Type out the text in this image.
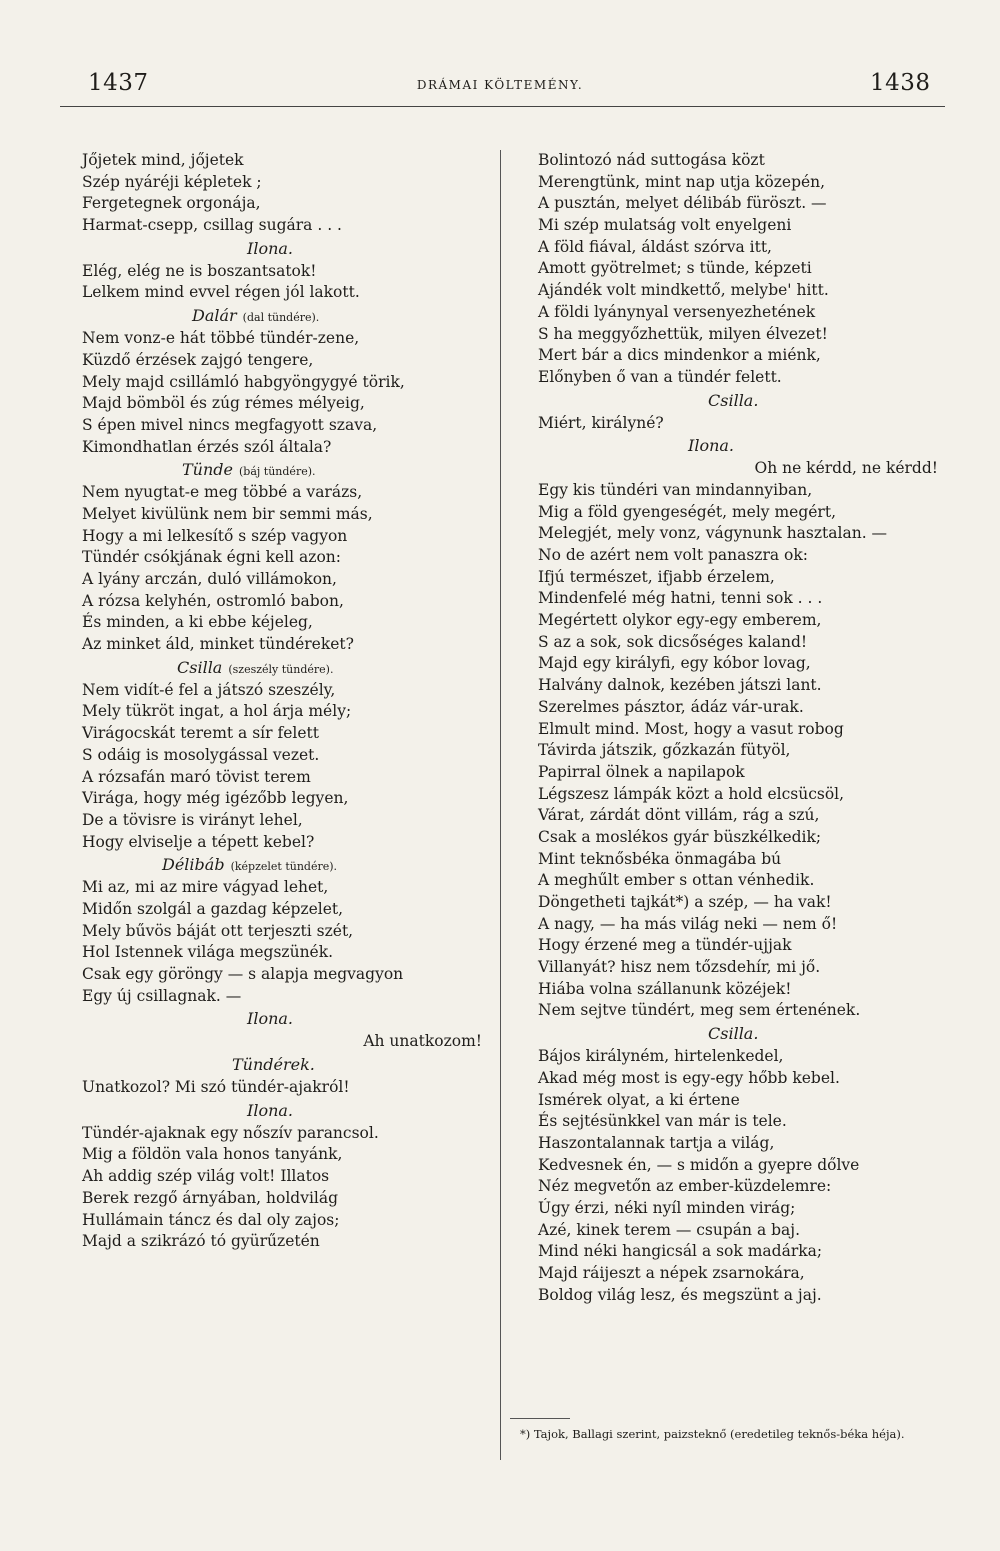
1437	DRÁMAI KÖLTEMÉNY.	1438
Jőjetek mind, jőjetek
Szép nyáréji képletek ;
Fergetegnek orgonája,
Harmat-csepp, csillag sugára . . .
Ilona.
Elég, elég ne is boszantsatok!
Lelkem mind evvel régen jól lakott.
Dalár (dal tündére).
Nem vonz-e hát többé tündér-zene,
Küzdő érzések zajgó tengere,
Mely majd csillámló habgyöngygyé törik,
Majd bömböl és zúg rémes mélyeig,
S épen mivel nincs megfagyott szava,
Kimondhatlan érzés szól általa?
Tünde (báj tündére).
Nem nyugtat-e meg többé a varázs,
Melyet kivülünk nem bir semmi más,
Hogy a mi lelkesítő s szép vagyon
Tündér csókjának égni kell azon:
A lyány arczán, duló villámokon,
A rózsa kelyhén, ostromló babon,
És minden, a ki ebbe kéjeleg,
Az minket áld, minket tündéreket?
Csilla (szeszély tündére).
Nem vidít-é fel a játszó szeszély,
Mely tükröt ingat, a hol árja mély;
Virágocskát teremt a sír felett
S odáig is mosolygással vezet.
A rózsafán maró tövist terem
Virága, hogy még igézőbb legyen,
De a tövisre is virányt lehel,
Hogy elviselje a tépett kebel?
Délibáb (képzelet tündére).
Mi az, mi az mire vágyad lehet,
Midőn szolgál a gazdag képzelet,
Mely bűvös báját ott terjeszti szét,
Hol Istennek világa megszünék.
Csak egy göröngy — s alapja megvagyon
Egy új csillagnak. —
Ilona.
Ah unatkozom!
Tündérek.
Unatkozol? Mi szó tündér-ajakról!
Ilona.
Tündér-ajaknak egy nőszív parancsol.
Mig a földön vala honos tanyánk,
Ah addig szép világ volt! Illatos
Berek rezgő árnyában, holdvilág
Hullámain táncz és dal oly zajos;
Majd a szikrázó tó gyürűzetén
Bolintozó nád suttogása közt
Merengtünk, mint nap utja közepén,
A pusztán, melyet délibáb füröszt. —
Mi szép mulatság volt enyelgeni
A föld fiával, áldást szórva itt,
Amott gyötrelmet; s tünde, képzeti
Ajándék volt mindkettő, melybe' hitt.
A földi lyánynyal versenyezhetének
S ha meggyőzhettük, milyen élvezet!
Mert bár a dics mindenkor a miénk,
Előnyben ő van a tündér felett.
Csilla.
Miért, királyné?
Ilona.
Oh ne kérdd, ne kérdd!
Egy kis tündéri van mindannyiban,
Mig a föld gyengeségét, mely megért,
Melegjét, mely vonz, vágynunk hasztalan. —
No de azért nem volt panaszra ok:
Ifjú természet, ifjabb érzelem,
Mindenfelé még hatni, tenni sok . . .
Megértett olykor egy-egy emberem,
S az a sok, sok dicsőséges kaland!
Majd egy királyfi, egy kóbor lovag,
Halvány dalnok, kezében játszi lant.
Szerelmes pásztor, ádáz vár-urak.
Elmult mind. Most, hogy a vasut robog
Távirda játszik, gőzkazán fütyöl,
Papirral ölnek a napilapok
Légszesz lámpák közt a hold elcsücsöl,
Várat, zárdát dönt villám, rág a szú,
Csak a moslékos gyár büszkélkedik;
Mint teknősbéka önmagába bú
A meghűlt ember s ottan vénhedik.
Döngetheti tajkát*) a szép, — ha vak!
A nagy, — ha más világ neki — nem ő!
Hogy érzené meg a tündér-ujjak
Villanyát? hisz nem tőzsdehír, mi jő.
Hiába volna szállanunk közéjek!
Nem sejtve tündért, meg sem értenének.
Csilla.
Bájos királyném, hirtelenkedel,
Akad még most is egy-egy hőbb kebel.
Ismérek olyat, a ki értene
És sejtésünkkel van már is tele.
Haszontalannak tartja a világ,
Kedvesnek én, — s midőn a gyepre dőlve
Néz megvetőn az ember-küzdelemre:
Úgy érzi, néki nyíl minden virág;
Azé, kinek terem — csupán a baj.
Mind néki hangicsál a sok madárka;
Majd ráijeszt a népek zsarnokára,
Boldog világ lesz, és megszünt a jaj.
*) Tajok, Ballagi szerint, paizsteknő (eredetileg teknős-béka héja).
